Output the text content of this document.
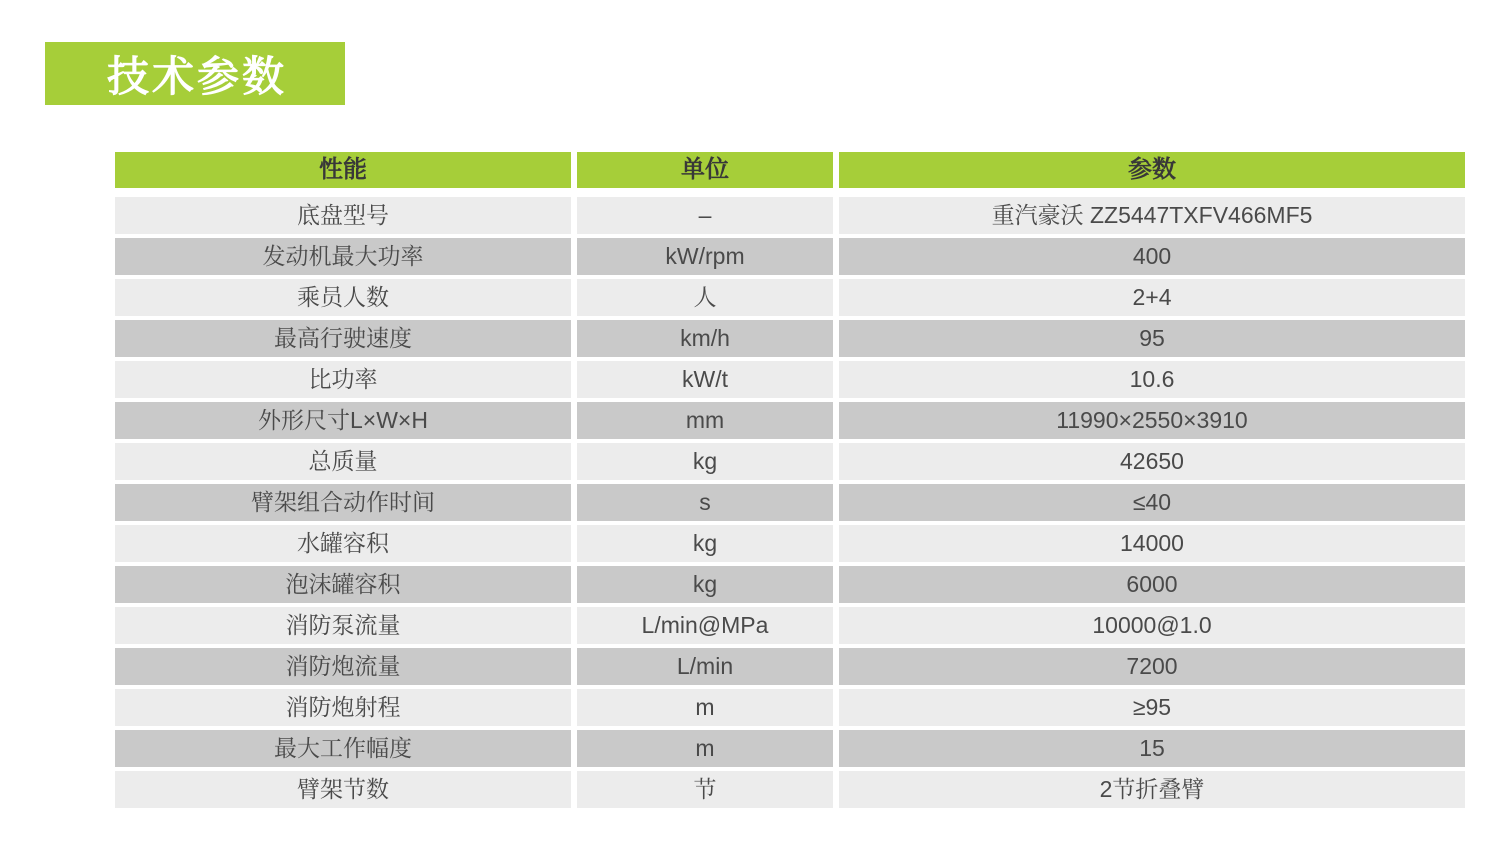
技术参数
性能	单位	参数
底盘型号	–	重汽豪沃 ZZ5447TXFV466MF5
发动机最大功率	kW/rpm	400
乘员人数	人	2+4
最高行驶速度	km/h	95
比功率	kW/t	10.6
外形尺寸L×W×H	mm	11990×2550×3910
总质量	kg	42650
臂架组合动作时间	s	≤40
水罐容积	kg	14000
泡沫罐容积	kg	6000
消防泵流量	L/min@MPa	10000@1.0
消防炮流量	L/min	7200
消防炮射程	m	≥95
最大工作幅度	m	15
臂架节数	节	2节折叠臂
